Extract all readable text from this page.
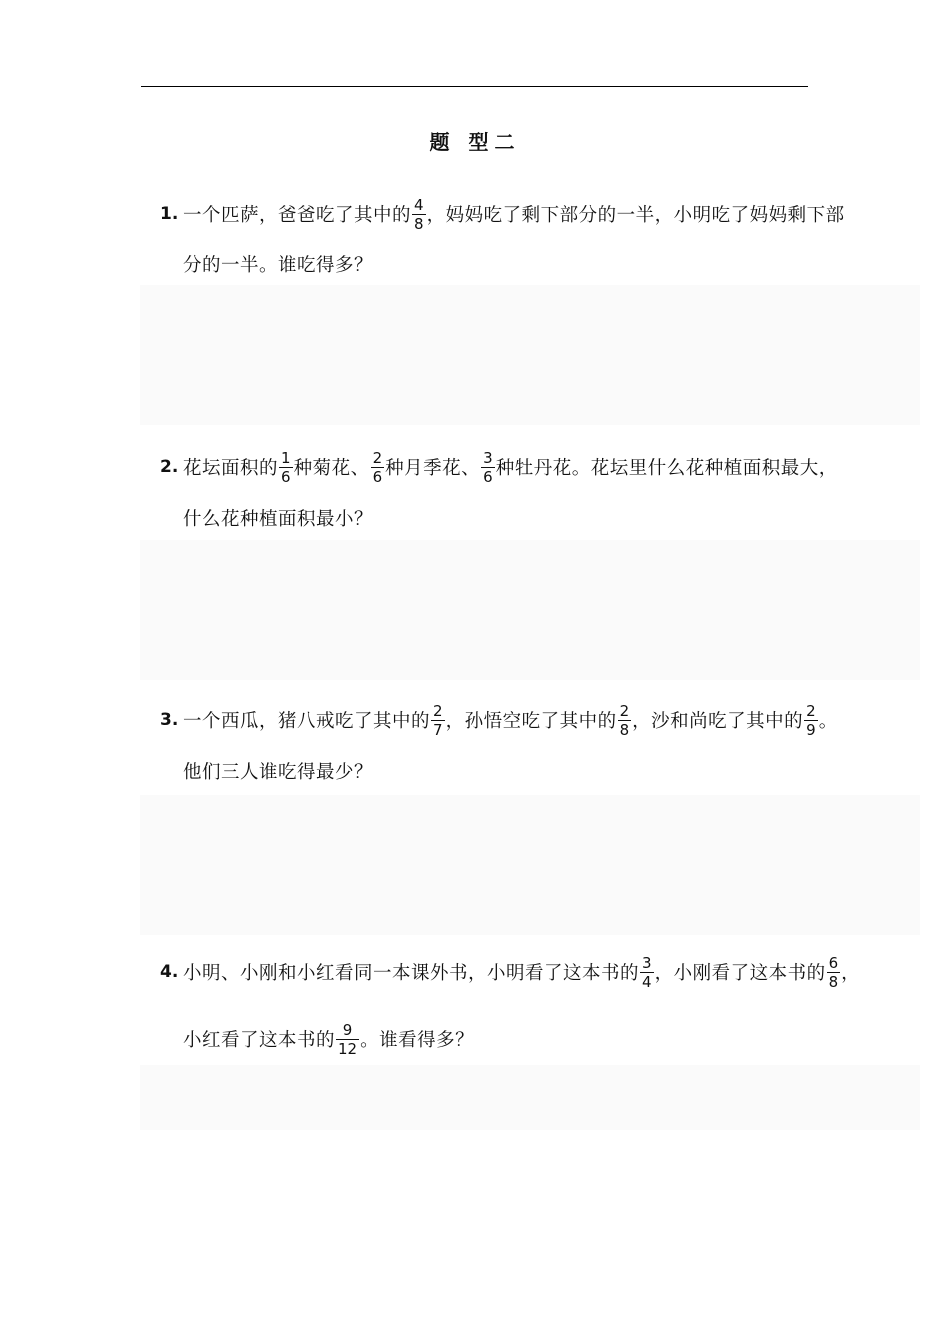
题 型二
1. 一个匹萨，爸爸吃了其中的 $\frac{4}{8}$ ，妈妈吃了剩下部分的一半，小明吃了妈妈剩下部
分的一半。谁吃得多？
2. 花坛面积的 $\frac{1}{6}$ 种菊花、 $\frac{2}{6}$ 种月季花、 $\frac{3}{6}$ 种牡丹花。花坛里什么花种植面积最大，
什么花种植面积最小？
3. 一个西瓜，猪八戒吃了其中的 $\frac{2}{7}$ ，孙悟空吃了其中的 $\frac{2}{8}$ ，沙和尚吃了其中的 $\frac{2}{9}$ 。
他们三人谁吃得最少？
4. 小明、小刚和小红看同一本课外书，小明看了这本书的 $\frac{3}{4}$ ，小刚看了这本书的 $\frac{6}{8}$ ，
小红看了这本书的 $\frac{9}{12}$ 。谁看得多？
